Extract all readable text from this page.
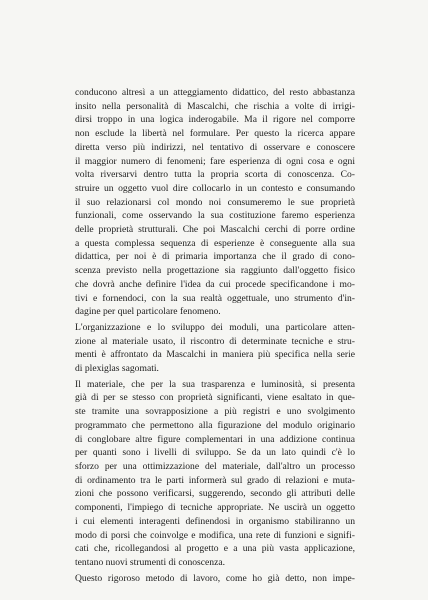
conducono altresì a un atteggiamento didattico, del resto abbastanza
insito nella personalità di Mascalchi, che rischia a volte di irrigi-
dirsi troppo in una logica inderogabile. Ma il rigore nel comporre
non esclude la libertà nel formulare. Per questo la ricerca appare
diretta verso più indirizzi, nel tentativo di osservare e conoscere
il maggior numero di fenomeni; fare esperienza di ogni cosa e ogni
volta riversarvi dentro tutta la propria scorta di conoscenza. Co-
struire un oggetto vuol dire collocarlo in un contesto e consumando
il suo relazionarsi col mondo noi consumeremo le sue proprietà
funzionali, come osservando la sua costituzione faremo esperienza
delle proprietà strutturali. Che poi Mascalchi cerchi di porre ordine
a questa complessa sequenza di esperienze è conseguente alla sua
didattica, per noi è di primaria importanza che il grado di cono-
scenza previsto nella progettazione sia raggiunto dall'oggetto fisico
che dovrà anche definire l'idea da cui procede specificandone i mo-
tivi e fornendoci, con la sua realtà oggettuale, uno strumento d'in-
dagine per quel particolare fenomeno.
L'organizzazione e lo sviluppo dei moduli, una particolare atten-
zione al materiale usato, il riscontro di determinate tecniche e stru-
menti è affrontato da Mascalchi in maniera più specifica nella serie
di plexiglas sagomati.
Il materiale, che per la sua trasparenza e luminosità, si presenta
già di per se stesso con proprietà significanti, viene esaltato in que-
ste tramite una sovrapposizione a più registri e uno svolgimento
programmato che permettono alla figurazione del modulo originario
di conglobare altre figure complementari in una addizione continua
per quanti sono i livelli di sviluppo. Se da un lato quindi c'è lo
sforzo per una ottimizzazione del materiale, dall'altro un processo
di ordinamento tra le parti informerà sul grado di relazioni e muta-
zioni che possono verificarsi, suggerendo, secondo gli attributi delle
componenti, l'impiego di tecniche appropriate. Ne uscirà un oggetto
i cui elementi interagenti definendosi in organismo stabiliranno un
modo di porsi che coinvolge e modifica, una rete di funzioni e signifi-
cati che, ricollegandosi al progetto e a una più vasta applicazione,
tentano nuovi strumenti di conoscenza.
Questo rigoroso metodo di lavoro, come ho già detto, non impe-
